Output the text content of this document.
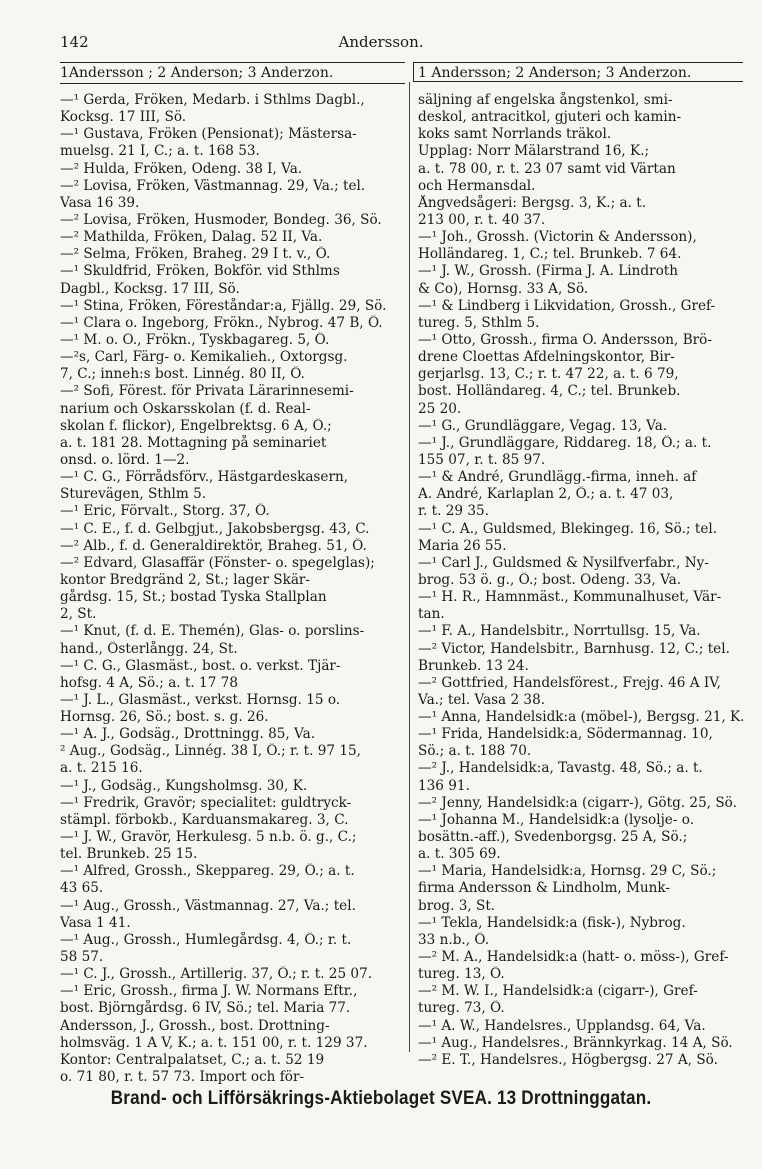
142	Andersson.
1Andersson ; 2 Anderson; 3 Anderzon.	1 Andersson; 2 Anderson; 3 Anderzon.
—¹ Gerda, Fröken, Medarb. i Sthlms Dagbl.,
Kocksg. 17 III, Sö.
—¹ Gustava, Fröken (Pensionat); Mästersa-
muelsg. 21 I, C.; a. t. 168 53.
—² Hulda, Fröken, Odeng. 38 I, Va.
—² Lovisa, Fröken, Västmannag. 29, Va.; tel.
Vasa 16 39.
—² Lovisa, Fröken, Husmoder, Bondeg. 36, Sö.
—² Mathilda, Fröken, Dalag. 52 II, Va.
—² Selma, Fröken, Braheg. 29 I t. v., Ö.
—¹ Skuldfrid, Fröken, Bokför. vid Sthlms
Dagbl., Kocksg. 17 III, Sö.
—¹ Stina, Fröken, Föreståndar:a, Fjällg. 29, Sö.
—¹ Clara o. Ingeborg, Frökn., Nybrog. 47 B, Ö.
—¹ M. o. O., Frökn., Tyskbagareg. 5, Ö.
—²s, Carl, Färg- o. Kemikalieh., Oxtorgsg.
7, C.; inneh:s bost. Linnég. 80 II, Ö.
—² Sofi, Förest. för Privata Lärarinnesemi-
narium och Oskarsskolan (f. d. Real-
skolan f. flickor), Engelbrektsg. 6 A, Ö.;
a. t. 181 28. Mottagning på seminariet
onsd. o. lörd. 1—2.
—¹ C. G., Förrådsförv., Hästgardeskasern,
Sturevägen, Sthlm 5.
—¹ Eric, Förvalt., Storg. 37, Ö.
—¹ C. E., f. d. Gelbgjut., Jakobsbergsg. 43, C.
—² Alb., f. d. Generaldirektör, Braheg. 51, Ö.
—² Edvard, Glasaffär (Fönster- o. spegelglas);
kontor Bredgränd 2, St.; lager Skär-
gårdsg. 15, St.; bostad Tyska Stallplan
2, St.
—¹ Knut, (f. d. E. Themén), Glas- o. porslins-
hand., Österlångg. 24, St.
—¹ C. G., Glasmäst., bost. o. verkst. Tjär-
hofsg. 4 A, Sö.; a. t. 17 78
—¹ J. L., Glasmäst., verkst. Hornsg. 15 o.
Hornsg. 26, Sö.; bost. s. g. 26.
—¹ A. J., Godsäg., Drottningg. 85, Va.
² Aug., Godsäg., Linnég. 38 I, Ö.; r. t. 97 15,
a. t. 215 16.
—¹ J., Godsäg., Kungsholmsg. 30, K.
—¹ Fredrik, Gravör; specialitet: guldtryck-
stämpl. förbokb., Karduansmakareg. 3, C.
—¹ J. W., Gravör, Herkulesg. 5 n.b. ö. g., C.;
tel. Brunkeb. 25 15.
—¹ Alfred, Grossh., Skeppareg. 29, Ö.; a. t.
43 65.
—¹ Aug., Grossh., Västmannag. 27, Va.; tel.
Vasa 1 41.
—¹ Aug., Grossh., Humlegårdsg. 4, Ö.; r. t.
58 57.
—¹ C. J., Grossh., Artillerig. 37, Ö.; r. t. 25 07.
—¹ Eric, Grossh., firma J. W. Normans Eftr.,
bost. Björngårdsg. 6 IV, Sö.; tel. Maria 77.
Andersson, J., Grossh., bost. Drottning-
holmsväg. 1 A V, K.; a. t. 151 00, r. t. 129 37.
Kontor: Centralpalatset, C.; a. t. 52 19
o. 71 80, r. t. 57 73. Import och för-
säljning af engelska ångstenkol, smi-
deskol, antracitkol, gjuteri och kamin-
koks samt Norrlands träkol.
Upplag: Norr Mälarstrand 16, K.;
a. t. 78 00, r. t. 23 07 samt vid Värtan
och Hermansdal.
Ångvedsågeri: Bergsg. 3, K.; a. t.
213 00, r. t. 40 37.
—¹ Joh., Grossh. (Victorin & Andersson),
Holländareg. 1, C.; tel. Brunkeb. 7 64.
—¹ J. W., Grossh. (Firma J. A. Lindroth
& Co), Hornsg. 33 A, Sö.
—¹ & Lindberg i Likvidation, Grossh., Gref-
tureg. 5, Sthlm 5.
—¹ Otto, Grossh., firma O. Andersson, Brö-
drene Cloettas Afdelningskontor, Bir-
gerjarlsg. 13, C.; r. t. 47 22, a. t. 6 79,
bost. Holländareg. 4, C.; tel. Brunkeb.
25 20.
—¹ G., Grundläggare, Vegag. 13, Va.
—¹ J., Grundläggare, Riddareg. 18, Ö.; a. t.
155 07, r. t. 85 97.
—¹ & André, Grundlägg.-firma, inneh. af
A. André, Karlaplan 2, Ö.; a. t. 47 03,
r. t. 29 35.
—¹ C. A., Guldsmed, Blekingeg. 16, Sö.; tel.
Maria 26 55.
—¹ Carl J., Guldsmed & Nysilfverfabr., Ny-
brog. 53 ö. g., Ö.; bost. Odeng. 33, Va.
—¹ H. R., Hamnmäst., Kommunalhuset, Vär-
tan.
—¹ F. A., Handelsbitr., Norrtullsg. 15, Va.
—² Victor, Handelsbitr., Barnhusg. 12, C.; tel.
Brunkeb. 13 24.
—² Gottfried, Handelsförest., Frejg. 46 A IV,
Va.; tel. Vasa 2 38.
—¹ Anna, Handelsidk:a (möbel-), Bergsg. 21, K.
—¹ Frida, Handelsidk:a, Södermannag. 10,
Sö.; a. t. 188 70.
—² J., Handelsidk:a, Tavastg. 48, Sö.; a. t.
136 91.
—² Jenny, Handelsidk:a (cigarr-), Götg. 25, Sö.
—¹ Johanna M., Handelsidk:a (lysolje- o.
bosättn.-aff.), Svedenborgsg. 25 A, Sö.;
a. t. 305 69.
—¹ Maria, Handelsidk:a, Hornsg. 29 C, Sö.;
firma Andersson & Lindholm, Munk-
brog. 3, St.
—¹ Tekla, Handelsidk:a (fisk-), Nybrog.
33 n.b., Ö.
—² M. A., Handelsidk:a (hatt- o. möss-), Gref-
tureg. 13, Ö.
—² M. W. I., Handelsidk:a (cigarr-), Gref-
tureg. 73, Ö.
—¹ A. W., Handelsres., Upplandsg. 64, Va.
—¹ Aug., Handelsres., Brännkyrkag. 14 A, Sö.
—² E. T., Handelsres., Högbergsg. 27 A, Sö.
Brand- och Lifförsäkrings-Aktiebolaget SVEA. 13 Drottninggatan.
